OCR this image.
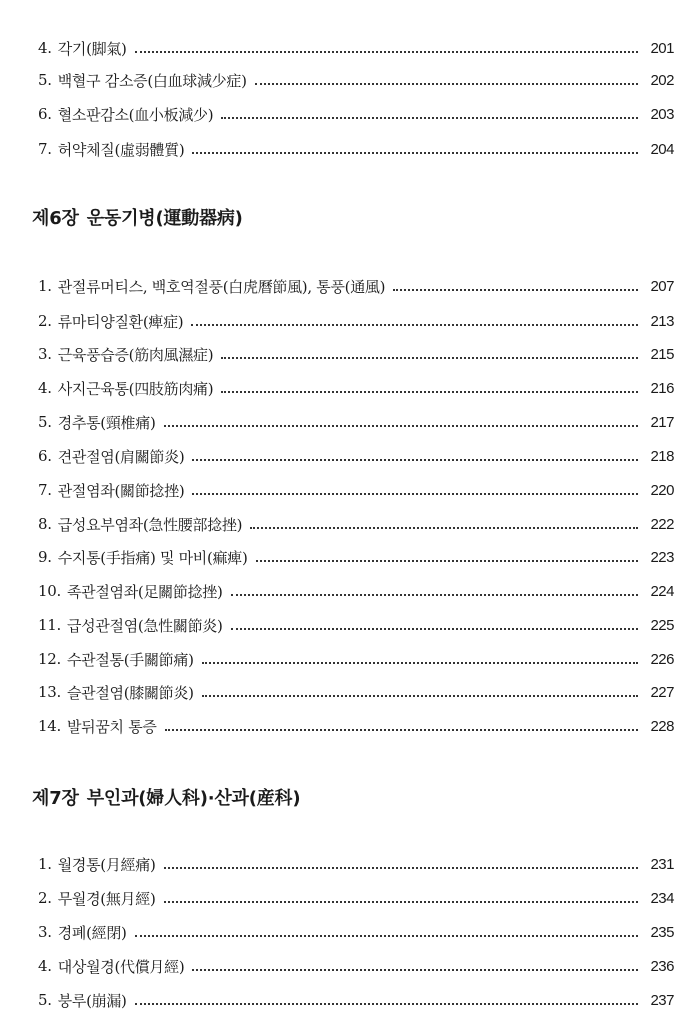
4. 각기(脚氣)	201
5. 백혈구 감소증(白血球減少症)	202
6. 혈소판감소(血小板減少)	203
7. 허약체질(虛弱體質)	204
제6장 운동기병(運動器病)
1. 관절류머티스, 백호역절풍(白虎曆節風), 통풍(通風)	207
2. 류마티양질환(痺症)	213
3. 근육풍습증(筋肉風濕症)	215
4. 사지근육통(四肢筋肉痛)	216
5. 경추통(頸椎痛)	217
6. 견관절염(肩關節炎)	218
7. 관절염좌(關節捻挫)	220
8. 급성요부염좌(急性腰部捻挫)	222
9. 수지통(手指痛) 및 마비(痲痺)	223
10. 족관절염좌(足關節捻挫)	224
11. 급성관절염(急性關節炎)	225
12. 수관절통(手關節痛)	226
13. 슬관절염(膝關節炎)	227
14. 발뒤꿈치 통증	228
제7장 부인과(婦人科)·산과(産科)
1. 월경통(月經痛)	231
2. 무월경(無月經)	234
3. 경폐(經閉)	235
4. 대상월경(代償月經)	236
5. 붕루(崩漏)	237
